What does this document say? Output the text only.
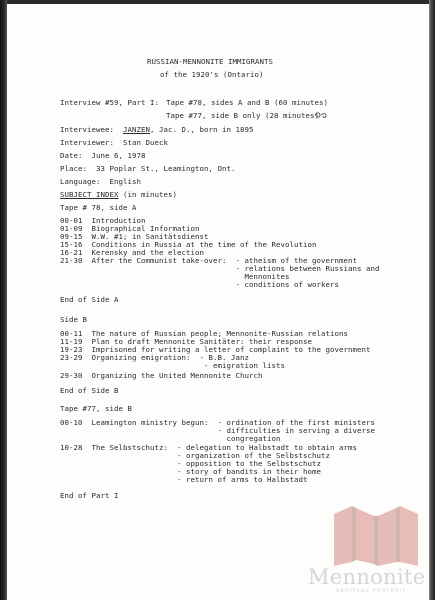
RUSSIAN-MENNONITE IMMIGRANTS
of the 1920's (Ontario)
Interview #59, Part I: Tape #78, sides A and B (60 minutes)
Tape #77, side B only (28 minutes)
Interviewee: JANZEN, Jac. D., born in 1895
Interviewer:  Stan Dueck
Date:  June 6, 1978
Place:  33 Poplar St., Leamington, Ont.
Language:  English
SUBJECT INDEX (in minutes)
Tape # 78, side A
00-01  Introduction
01-09  Biographical Information
09-15  W.W. #1; in Sanitätsdienst
15-16  Conditions in Russia at the time of the Revolution
16-21  Kerensky and the election
21-30  After the Communist take-over:  - atheism of the government
- relations between Russians and
Mennonites
- conditions of workers
End of Side A
Side B
00-11  The nature of Russian people; Mennonite-Russian relations
11-19  Plan to draft Mennonite Sanitäter: their response
19-23  Imprisoned for writing a letter of complaint to the government
23-29  Organizing emigration:  - B.B. Janz
- emigration lists
29-30  Organizing the United Mennonite Church
End of Side B
Tape #77, side B
00-10  Leamington ministry begun:  - ordination of the first ministers
- difficulties in serving a diverse
congregation
10-28  The Selbstschutz:  - delegation to Halbstadt to obtain arms
- organization of the Selbstschutz
- opposition to the Selbstschutz
- story of bandits in their home
- return of arms to Halbstadt
End of Part I
Mennonite
HERITAGE PORTRAIT
